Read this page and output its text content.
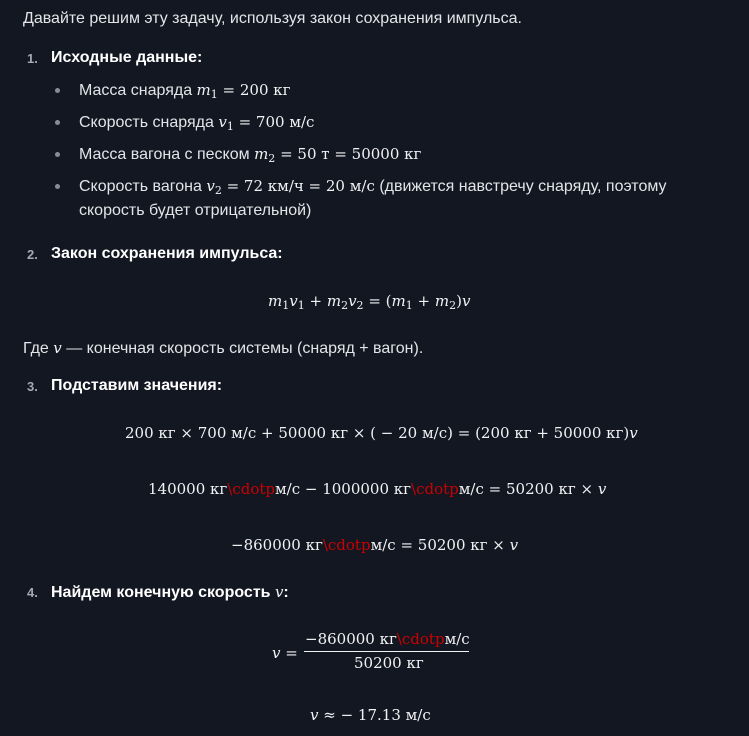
Давайте решим эту задачу, используя закон сохранения импульса.
1. Исходные данные:
Масса снаряда $m_1 = 200$ кг
Скорость снаряда $v_1 = 700$ м/с
Масса вагона с песком $m_2 = 50$ т = 50000 кг
Скорость вагона $v_2 = 72$ км/ч = 20 м/с (движется навстречу снаряду, поэтому
скорость будет отрицательной)
2. Закон сохранения импульса:
$m_1v_1 + m_2v_2 = (m_1 + m_2)v$
Где v — конечная скорость системы (снаряд + вагон).
3. Подставим значения:
200 кг × 700 м/с + 50000 кг × ( − 20 м/с) = (200 кг + 50000 кг)v
140000 кг\cdotpм/с − 1000000 кг\cdotpм/с = 50200 кг × v
−860000 кг\cdotpм/с = 50200 кг × v
4. Найдем конечную скорость v:
v =
−860000 кг\cdotpм/с
50200 кг
v ≈ − 17.13 м/с
